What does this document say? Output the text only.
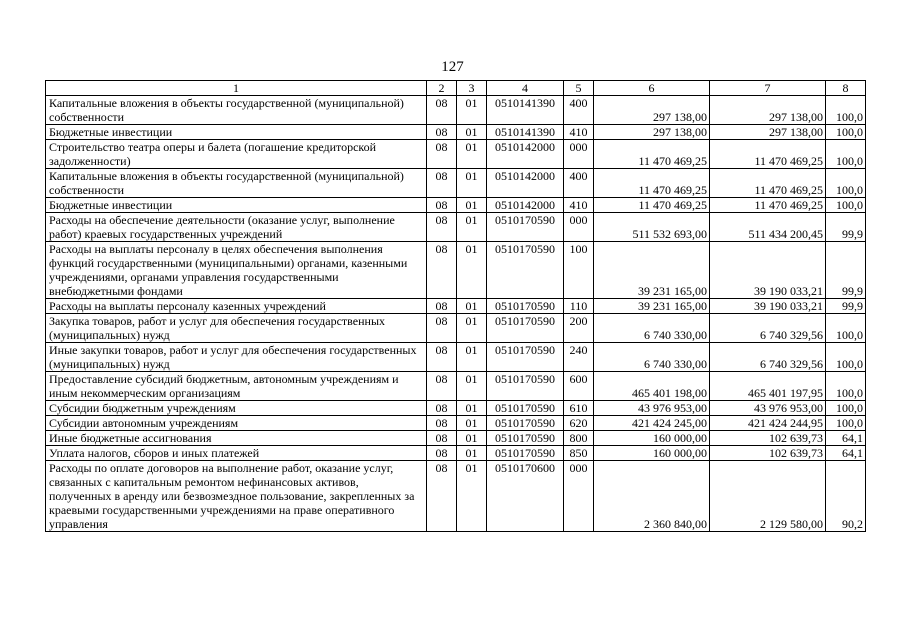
127
1	2	3	4	5	6	7	8
Капитальные вложения в объекты государственной (муниципальной) собственности	08	01	0510141390	400	297 138,00	297 138,00	100,0
Бюджетные инвестиции	08	01	0510141390	410	297 138,00	297 138,00	100,0
Строительство театра оперы и балета (погашение кредиторской задолженности)	08	01	0510142000	000	11 470 469,25	11 470 469,25	100,0
Капитальные вложения в объекты государственной (муниципальной) собственности	08	01	0510142000	400	11 470 469,25	11 470 469,25	100,0
Бюджетные инвестиции	08	01	0510142000	410	11 470 469,25	11 470 469,25	100,0
Расходы на обеспечение деятельности (оказание услуг, выполнение работ) краевых государственных учреждений	08	01	0510170590	000	511 532 693,00	511 434 200,45	99,9
Расходы на выплаты персоналу в целях обеспечения выполнения функций государственными (муниципальными) органами, казенными учреждениями, органами управления государственными внебюджетными фондами	08	01	0510170590	100	39 231 165,00	39 190 033,21	99,9
Расходы на выплаты персоналу казенных учреждений	08	01	0510170590	110	39 231 165,00	39 190 033,21	99,9
Закупка товаров, работ и услуг для обеспечения государственных (муниципальных) нужд	08	01	0510170590	200	6 740 330,00	6 740 329,56	100,0
Иные закупки товаров, работ и услуг для обеспечения государственных (муниципальных) нужд	08	01	0510170590	240	6 740 330,00	6 740 329,56	100,0
Предоставление субсидий бюджетным, автономным учреждениям и иным некоммерческим организациям	08	01	0510170590	600	465 401 198,00	465 401 197,95	100,0
Субсидии бюджетным учреждениям	08	01	0510170590	610	43 976 953,00	43 976 953,00	100,0
Субсидии автономным учреждениям	08	01	0510170590	620	421 424 245,00	421 424 244,95	100,0
Иные бюджетные ассигнования	08	01	0510170590	800	160 000,00	102 639,73	64,1
Уплата налогов, сборов и иных платежей	08	01	0510170590	850	160 000,00	102 639,73	64,1
Расходы по оплате договоров на выполнение работ, оказание услуг, связанных с капитальным ремонтом нефинансовых активов, полученных в аренду или безвозмездное пользование, закрепленных за краевыми государственными учреждениями на праве оперативного управления	08	01	0510170600	000	2 360 840,00	2 129 580,00	90,2
